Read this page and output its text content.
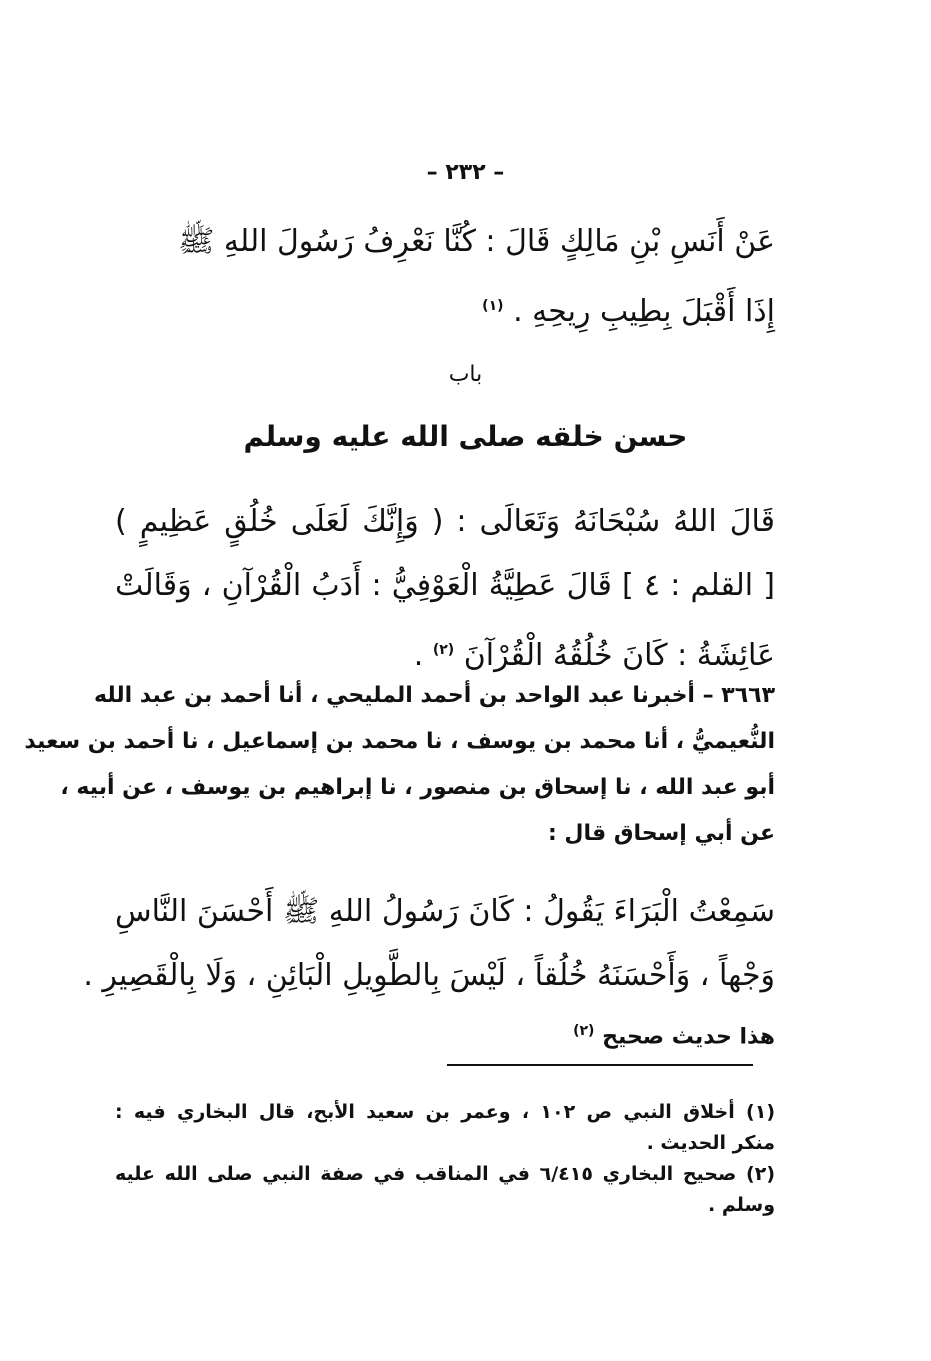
– ٢٣٢ –
عَنْ أَنَسِ بْنِ مَالِكٍ قَالَ : كُنَّا نَعْرِفُ رَسُولَ اللهِ ﷺ
إِذَا أَقْبَلَ بِطِيبِ رِيحِهِ . $^{(١)}$
باب
حسن خلقه صلى الله عليه وسلم
قَالَ اللهُ سُبْحَانَهُ وَتَعَالَى : ( وَإِنَّكَ لَعَلَى خُلُقٍ عَظِيمٍ )
[ القلم : ٤ ] قَالَ عَطِيَّةُ الْعَوْفِيُّ : أَدَبُ الْقُرْآنِ ، وَقَالَتْ
عَائِشَةُ : كَانَ خُلُقُهُ الْقُرْآنَ $^{(٢)}$ .
٣٦٦٣ – أخبرنا عبد الواحد بن أحمد المليحي ، أنا أحمد بن عبد الله
النُّعيميُّ ، أنا محمد بن يوسف ، نا محمد بن إسماعيل ، نا أحمد بن سعيد
أبو عبد الله ، نا إسحاق بن منصور ، نا إبراهيم بن يوسف ، عن أبيه ،
عن أبي إسحاق قال :
سَمِعْتُ الْبَرَاءَ يَقُولُ : كَانَ رَسُولُ اللهِ ﷺ أَحْسَنَ النَّاسِ
وَجْهاً ، وَأَحْسَنَهُ خُلُقاً ، لَيْسَ بِالطَّوِيلِ الْبَائِنِ ، وَلَا بِالْقَصِيرِ .
هذا حديث صحيح $^{(٢)}$
(١) أخلاق النبي ص ١٠٢ ، وعمر بن سعيد الأبح، قال البخاري فيه :
منكر الحديث .
(٢) صحيح البخاري ٦/٤١٥ في المناقب في صفة النبي صلى الله عليه
وسلم .
